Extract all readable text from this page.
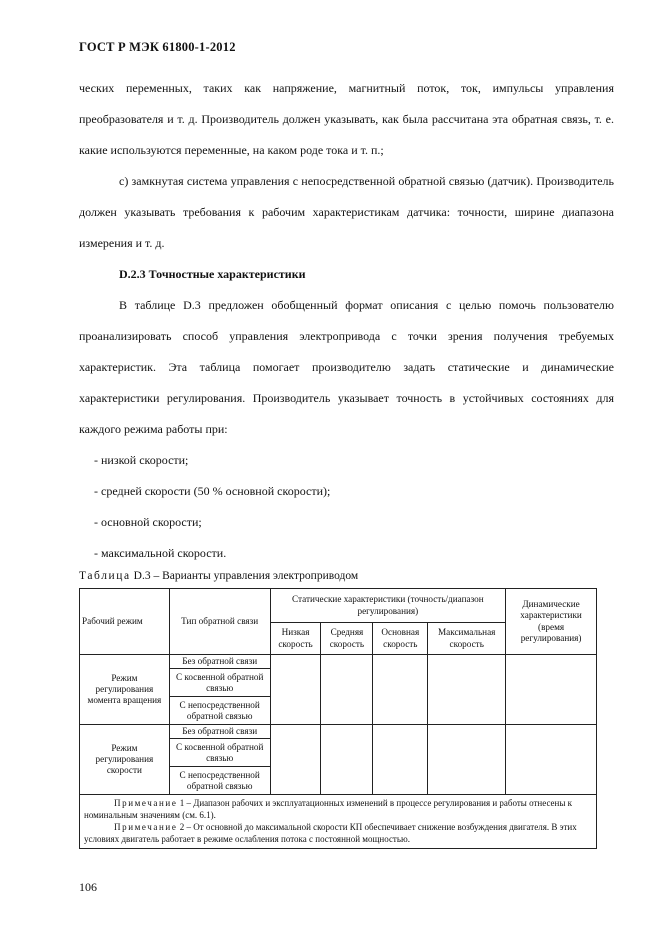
ГОСТ Р МЭК 61800-1-2012

ческих переменных, таких как напряжение, магнитный поток, ток, импульсы управления преобразователя и т. д. Производитель должен указывать, как была рассчитана эта обратная связь, т. е. какие используются переменные, на каком роде тока и т. п.;

с) замкнутая система управления с непосредственной обратной связью (датчик). Производитель должен указывать требования к рабочим характеристикам датчика: точности, ширине диапазона измерения и т. д.

D.2.3 Точностные характеристики

В таблице D.3 предложен обобщенный формат описания с целью помочь пользователю проанализировать способ управления электропривода с точки зрения получения требуемых характеристик. Эта таблица помогает производителю задать статические и динамические характеристики регулирования. Производитель указывает точность в устойчивых состояниях для каждого режима работы при:

- низкой скорости;

- средней скорости (50 % основной скорости);

- основной скорости;

- максимальной скорости.

Таблица D.3 – Варианты управления электроприводом
Рабочий режим	Тип обратной связи	Статические характеристики (точность/диапазон регулирования)				Динамические характеристики (время регулирования)
		Низкая скорость	Средняя скорость	Основная скорость	Максимальная скорость	
Режим регулирования момента вращения	Без обратной связи					
	С косвенной обратной связью					
	С непосредственной обратной связью					
Режим регулирования скорости	Без обратной связи					
	С косвенной обратной связью					
	С непосредственной обратной связью					

Примечание 1 – Диапазон рабочих и эксплуатационных изменений в процессе регулирования и работы отнесены к номинальным значениям (см. 6.1).

Примечание 2 – От основной до максимальной скорости КП обеспечивает снижение возбуждения двигателя. В этих условиях двигатель работает в режиме ослабления потока с постоянной мощностью.						

106
